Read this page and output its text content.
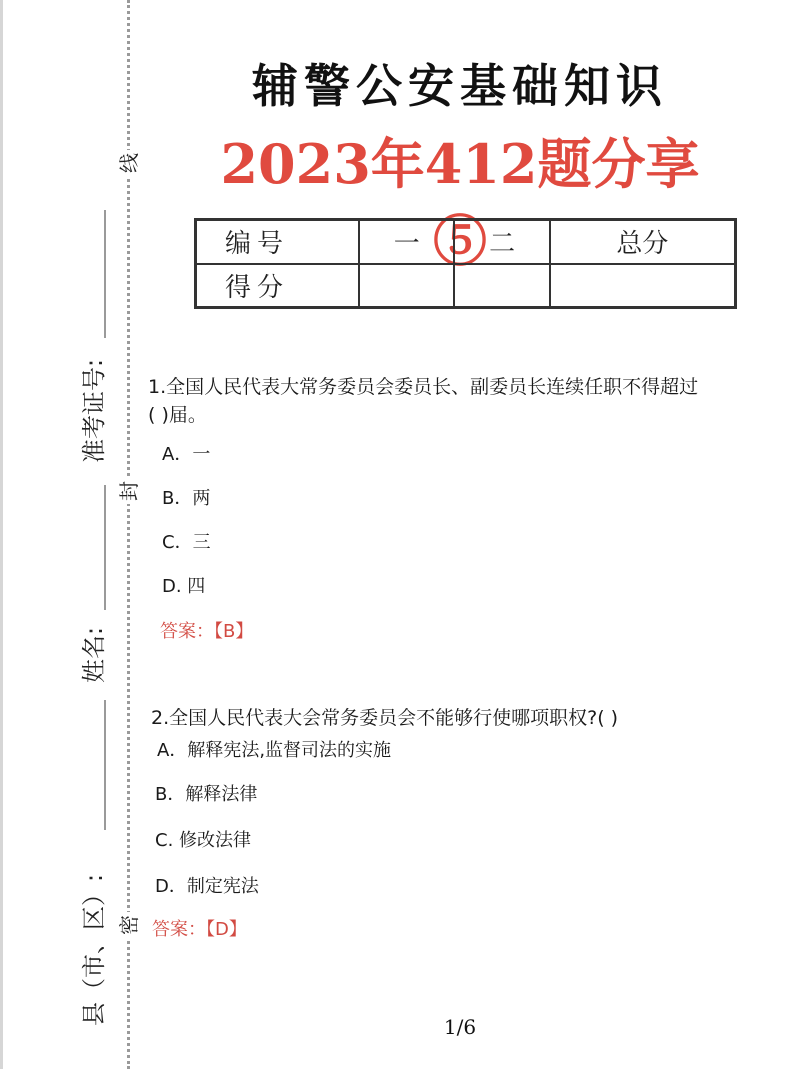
线
封
密
准考证号:
姓名:
县（市、区）:
辅警公安基础知识
2023年412题分享⑤
编号	一	二	总分
得分			
1.全国人民代表大常务委员会委员长、副委员长连续任职不得超过
( )届。
A．一
B．两
C．三
D. 四
答案：【B】
2.全国人民代表大会常务委员会不能够行使哪项职权?( )
A．解释宪法,监督司法的实施
B．解释法律
C. 修改法律
D．制定宪法
答案：【D】
1/6
